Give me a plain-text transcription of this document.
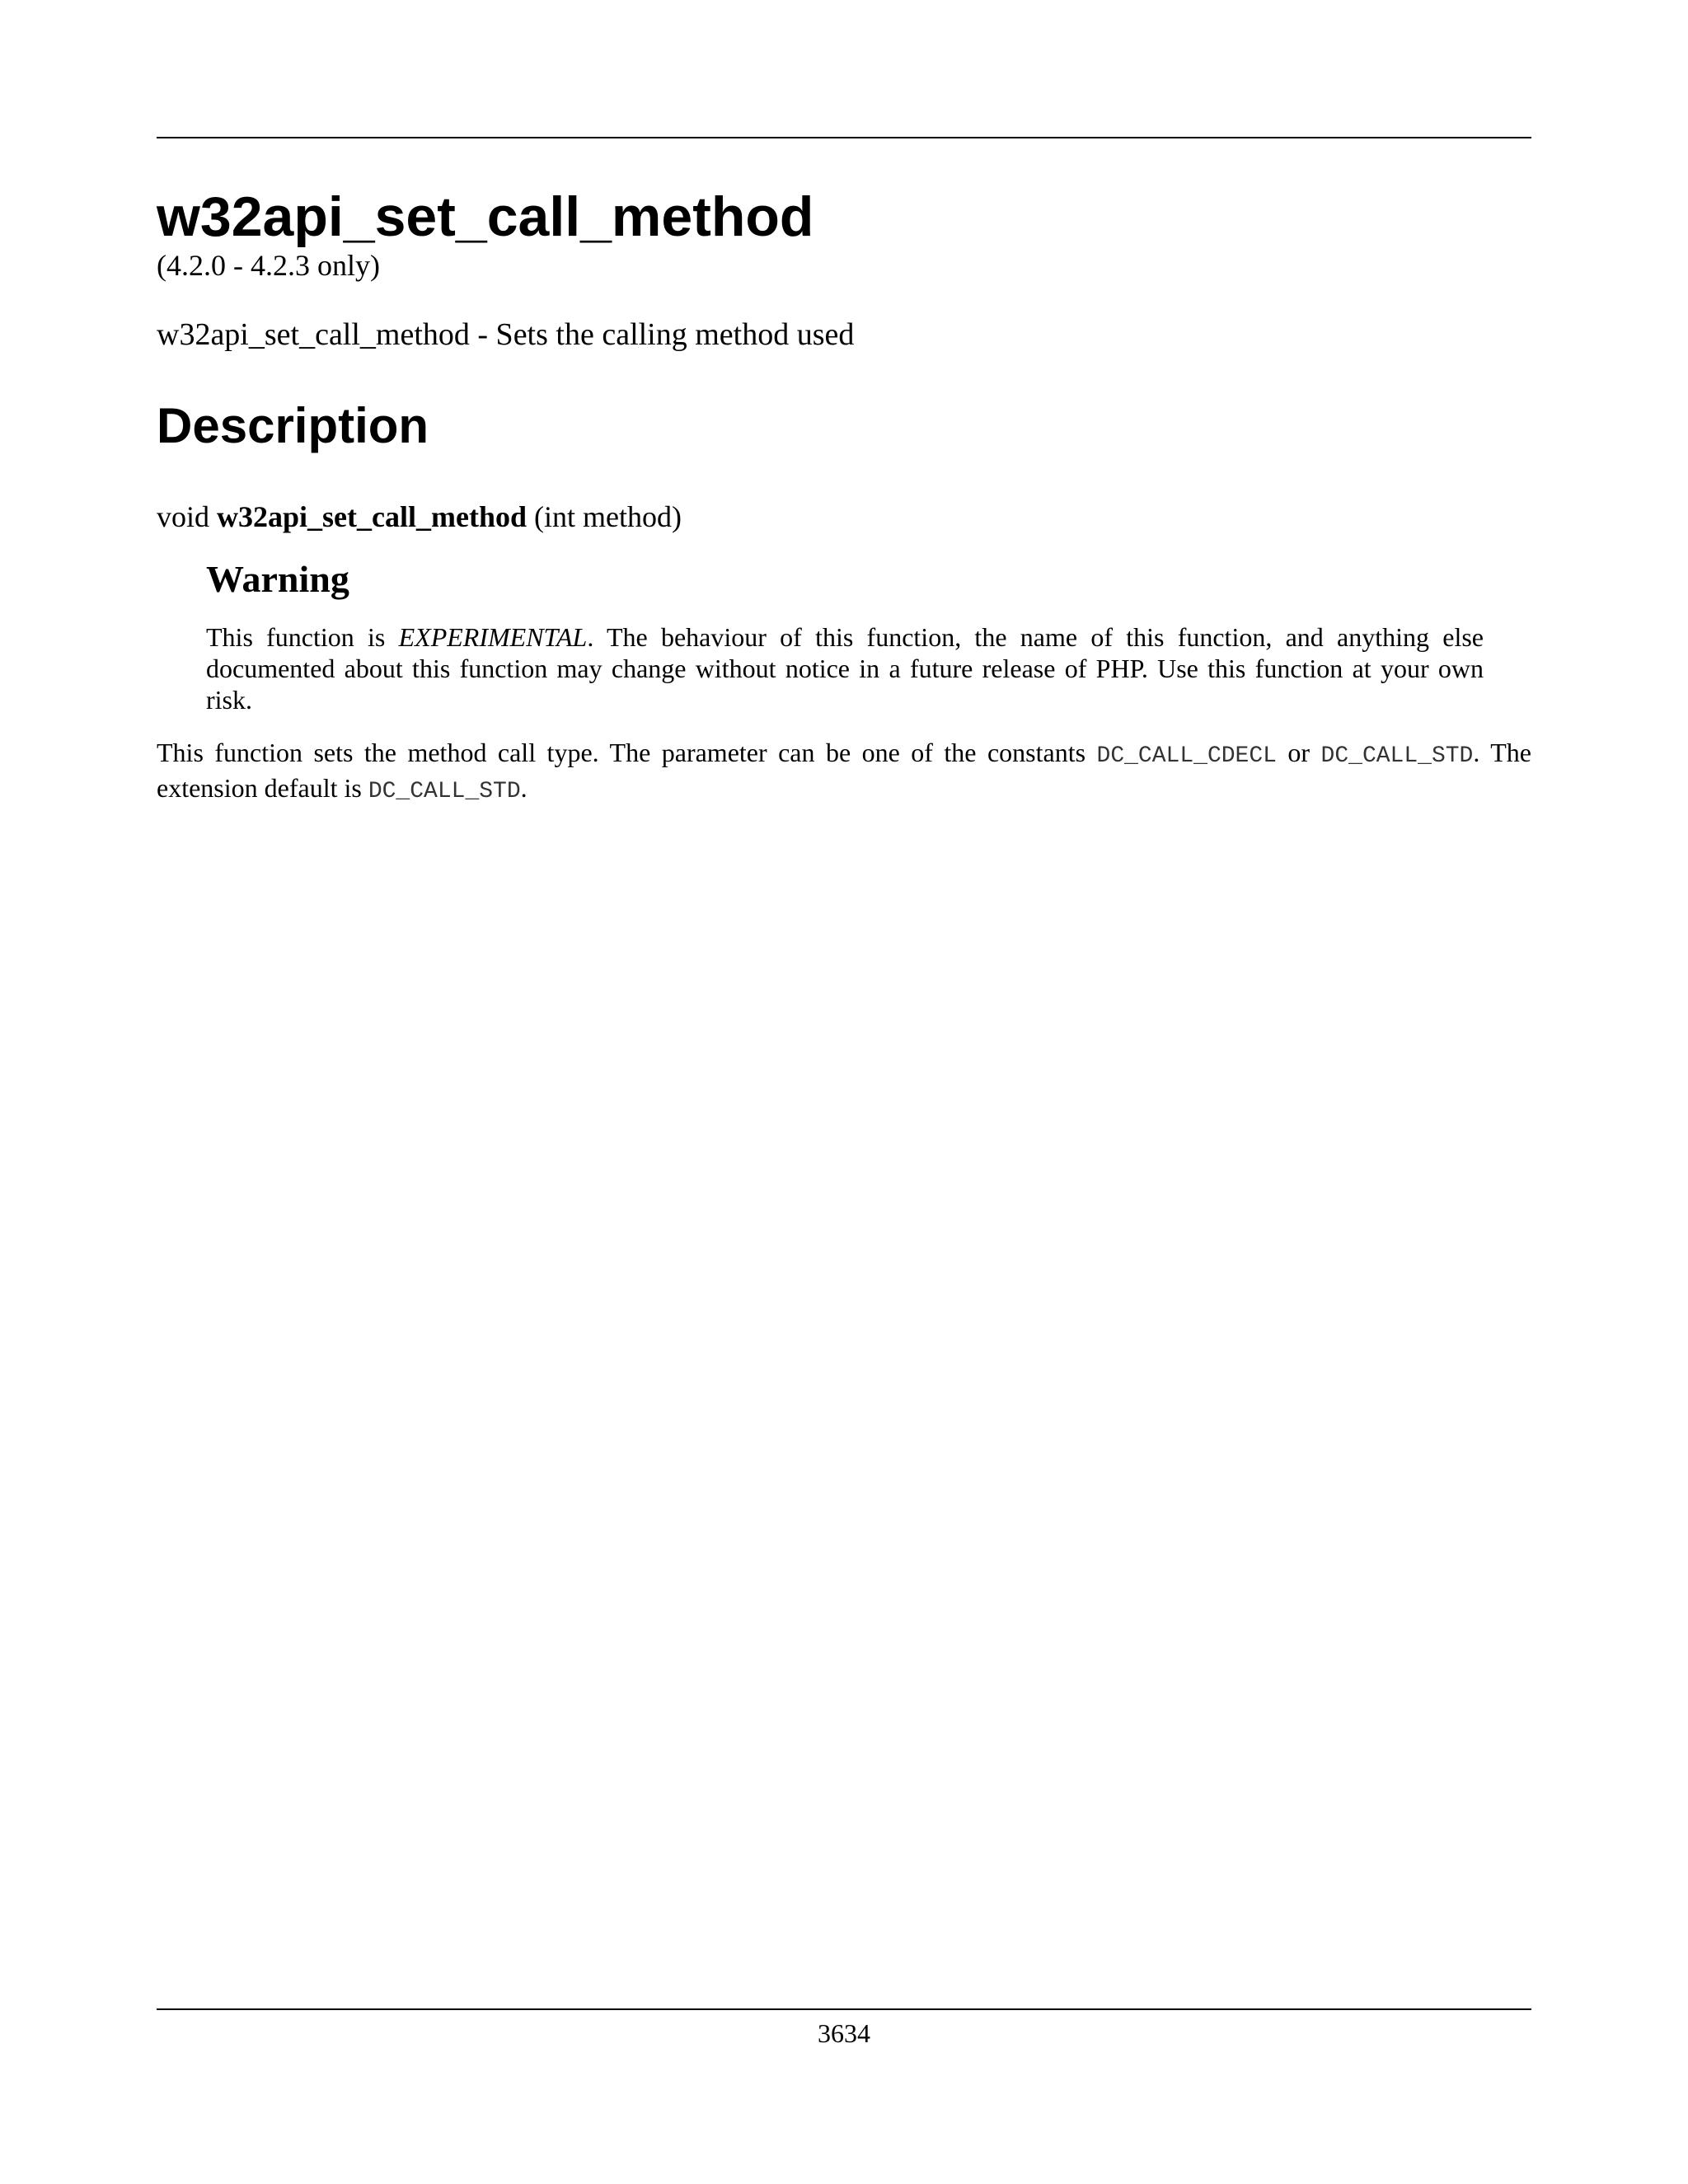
w32api_set_call_method

(4.2.0 - 4.2.3 only)

w32api_set_call_method - Sets the calling method used

Description

void w32api_set_call_method (int method)

Warning

This function is EXPERIMENTAL. The behaviour of this function, the name of this function, and anything else documented about this function may change without notice in a future release of PHP. Use this function at your own risk.

This function sets the method call type. The parameter can be one of the constants DC_CALL_CDECL or DC_CALL_STD. The extension default is DC_CALL_STD.

3634
